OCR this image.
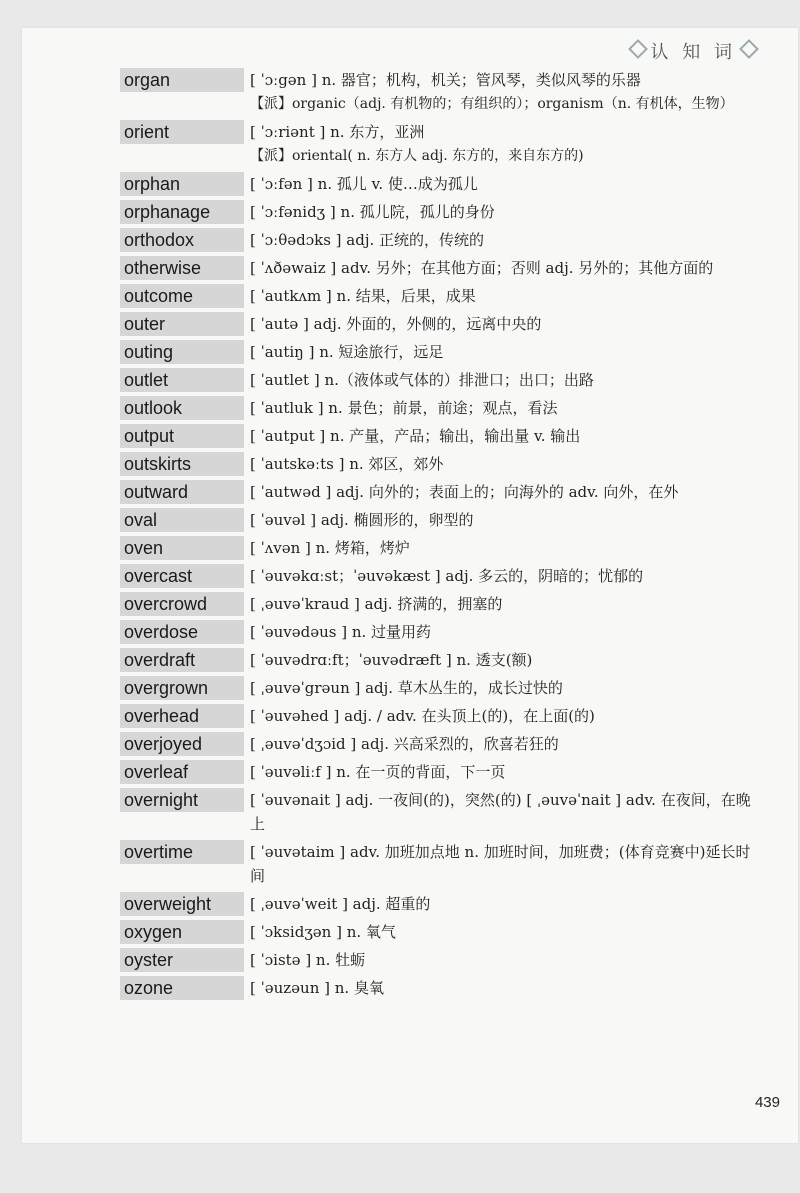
认 知 词
organ	[ ˈɔːgən ] n. 器官；机构，机关；管风琴，类似风琴的乐器
【派】organic（adj. 有机物的；有组织的）；organism（n. 有机体，生物）
orient	[ ˈɔːriənt ] n. 东方，亚洲
【派】oriental( n. 东方人 adj. 东方的，来自东方的)
orphan	[ ˈɔːfən ] n. 孤儿 v. 使…成为孤儿
orphanage	[ ˈɔːfənidʒ ] n. 孤儿院，孤儿的身份
orthodox	[ ˈɔːθədɔks ] adj. 正统的，传统的
otherwise	[ ˈʌðəwaiz ] adv. 另外；在其他方面；否则 adj. 另外的；其他方面的
outcome	[ ˈautkʌm ] n. 结果，后果，成果
outer	[ ˈautə ] adj. 外面的，外侧的，远离中央的
outing	[ ˈautiŋ ] n. 短途旅行，远足
outlet	[ ˈautlet ] n.（液体或气体的）排泄口；出口；出路
outlook	[ ˈautluk ] n. 景色；前景，前途；观点，看法
output	[ ˈautput ] n. 产量，产品；输出，输出量 v. 输出
outskirts	[ ˈautskəːts ] n. 郊区，郊外
outward	[ ˈautwəd ] adj. 向外的；表面上的；向海外的 adv. 向外，在外
oval	[ ˈəuvəl ] adj. 椭圆形的，卵型的
oven	[ ˈʌvən ] n. 烤箱，烤炉
overcast	[ ˈəuvəkɑːst；ˈəuvəkæst ] adj. 多云的，阴暗的；忧郁的
overcrowd	[ ˌəuvəˈkraud ] adj. 挤满的，拥塞的
overdose	[ ˈəuvədəus ] n. 过量用药
overdraft	[ ˈəuvədrɑːft；ˈəuvədræft ] n. 透支(额)
overgrown	[ ˌəuvəˈgrəun ] adj. 草木丛生的，成长过快的
overhead	[ ˈəuvəhed ] adj. / adv. 在头顶上(的)，在上面(的)
overjoyed	[ ˌəuvəˈdʒɔid ] adj. 兴高采烈的，欣喜若狂的
overleaf	[ ˈəuvəliːf ] n. 在一页的背面，下一页
overnight	[ ˈəuvənait ] adj. 一夜间(的)，突然(的) [ ˌəuvəˈnait ] adv. 在夜间，在晚上
overtime	[ ˈəuvətaim ] adv. 加班加点地 n. 加班时间，加班费；(体育竞赛中)延长时间
overweight	[ ˌəuvəˈweit ] adj. 超重的
oxygen	[ ˈɔksidʒən ] n. 氧气
oyster	[ ˈɔistə ] n. 牡蛎
ozone	[ ˈəuzəun ] n. 臭氧
439
